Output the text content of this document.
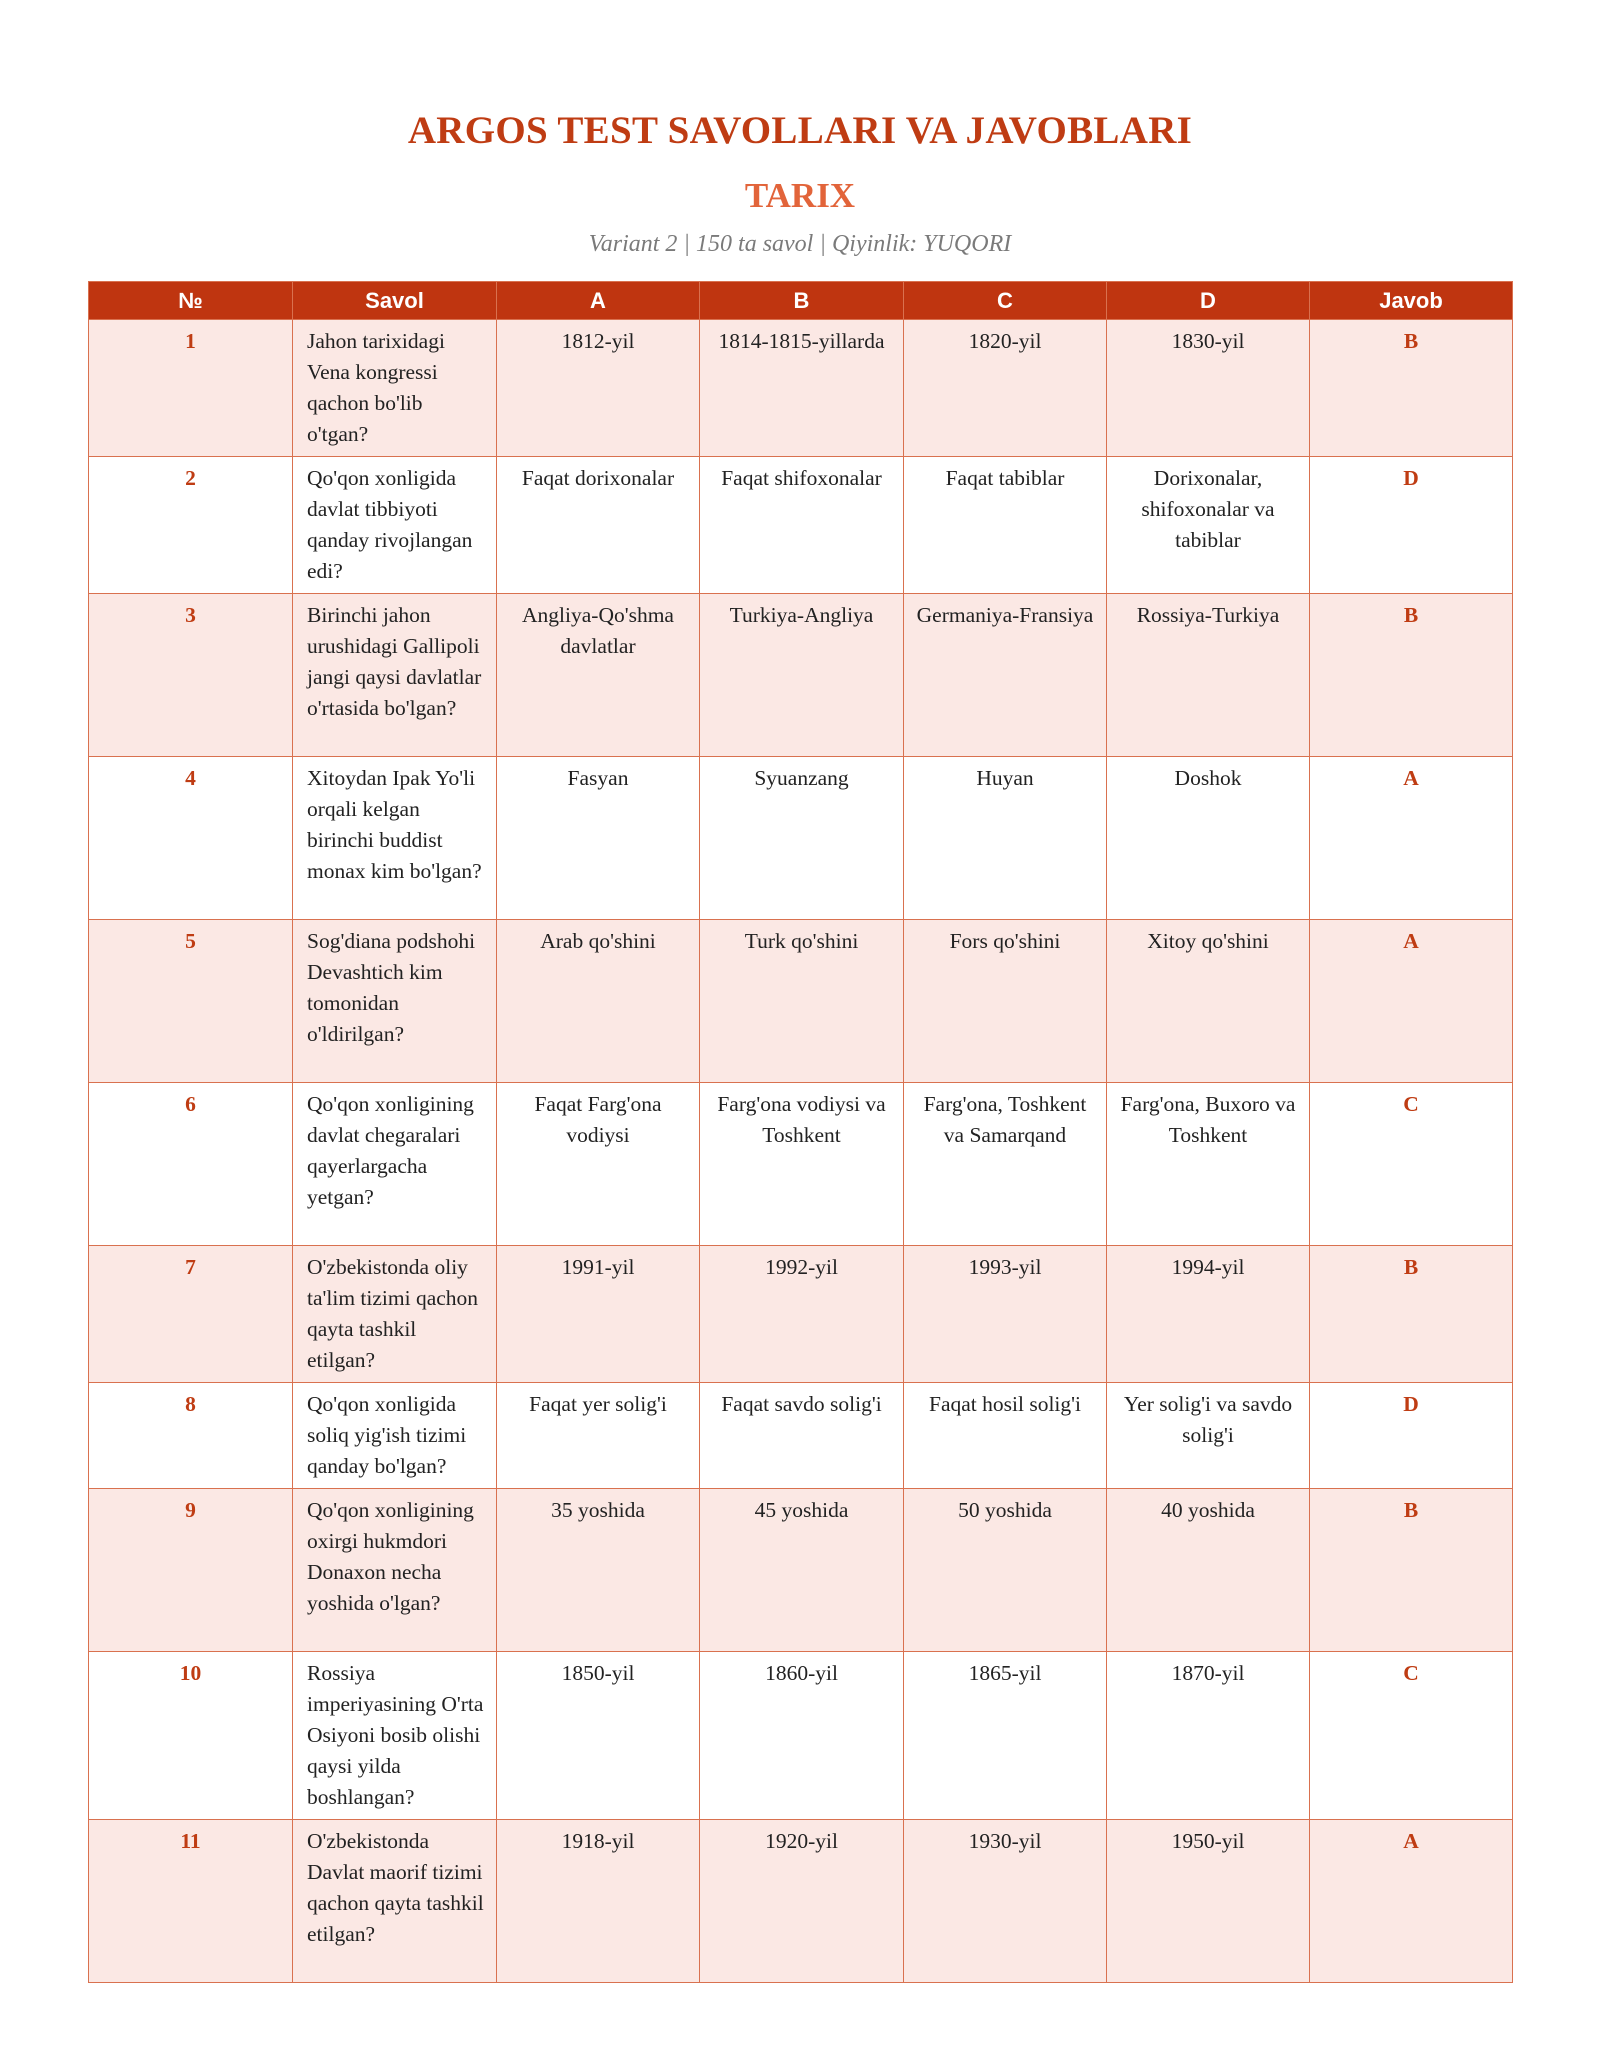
ARGOS TEST SAVOLLARI VA JAVOBLARI
TARIX
Variant 2 | 150 ta savol | Qiyinlik: YUQORI
№	Savol	A	B	C	D	Javob
1	Jahon tarixidagi Vena kongressi qachon bo'lib o'tgan?	1812-yil	1814-1815-yillarda	1820-yil	1830-yil	B
2	Qo'qon xonligida davlat tibbiyoti qanday rivojlangan edi?	Faqat dorixonalar	Faqat shifoxonalar	Faqat tabiblar	Dorixonalar, shifoxonalar va tabiblar	D
3	Birinchi jahon urushidagi Gallipoli jangi qaysi davlatlar o'rtasida bo'lgan?	Angliya-Qo'shma davlatlar	Turkiya-Angliya	Germaniya-Fransiya	Rossiya-Turkiya	B
4	Xitoydan Ipak Yo'li orqali kelgan birinchi buddist monax kim bo'lgan?	Fasyan	Syuanzang	Huyan	Doshok	A
5	Sog'diana podshohi Devashtich kim tomonidan o'ldirilgan?	Arab qo'shini	Turk qo'shini	Fors qo'shini	Xitoy qo'shini	A
6	Qo'qon xonligining davlat chegaralari qayerlargacha yetgan?	Faqat Farg'ona vodiysi	Farg'ona vodiysi va Toshkent	Farg'ona, Toshkent va Samarqand	Farg'ona, Buxoro va Toshkent	C
7	O'zbekistonda oliy ta'lim tizimi qachon qayta tashkil etilgan?	1991-yil	1992-yil	1993-yil	1994-yil	B
8	Qo'qon xonligida soliq yig'ish tizimi qanday bo'lgan?	Faqat yer solig'i	Faqat savdo solig'i	Faqat hosil solig'i	Yer solig'i va savdo solig'i	D
9	Qo'qon xonligining oxirgi hukmdori Donaxon necha yoshida o'lgan?	35 yoshida	45 yoshida	50 yoshida	40 yoshida	B
10	Rossiya imperiyasining O'rta Osiyoni bosib olishi qaysi yilda boshlangan?	1850-yil	1860-yil	1865-yil	1870-yil	C
11	O'zbekistonda Davlat maorif tizimi qachon qayta tashkil etilgan?	1918-yil	1920-yil	1930-yil	1950-yil	A
